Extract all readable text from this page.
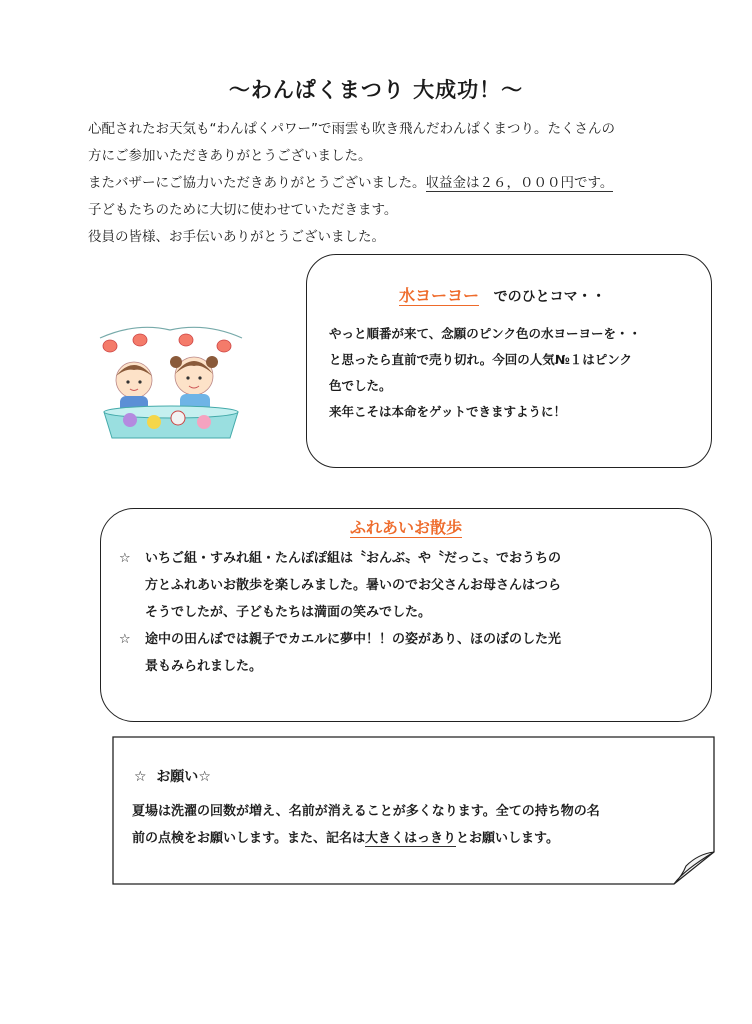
～わんぱくまつり 大成功！～

心配されたお天気も“わんぱくパワー”で雨雲も吹き飛んだわんぱくまつり。たくさんの

方にご参加いただきありがとうございました。

またバザーにご協力いただきありがとうございました。収益金は２６，０００円です。

子どもたちのために大切に使わせていただきます。

役員の皆様、お手伝いありがとうございました。

水ヨーヨー でのひとコマ・・

やっと順番が来て、念願のピンク色の水ヨーヨーを・・

と思ったら直前で売り切れ。今回の人気№１はピンク

色でした。

来年こそは本命をゲットできますように！

ふれあいお散歩
☆ いちご組・すみれ組・たんぽぽ組は〝おんぶ〟や〝だっこ〟でおうちの

方とふれあいお散歩を楽しみました。暑いのでお父さんお母さんはつら

そうでしたが、子どもたちは満面の笑みでした。

☆ 途中の田んぼでは親子でカエルに夢中！！の姿があり、ほのぼのした光

景もみられました。

☆ お願い☆

夏場は洗濯の回数が増え、名前が消えることが多くなります。全ての持ち物の名

前の点検をお願いします。また、記名は大きくはっきりとお願いします。
